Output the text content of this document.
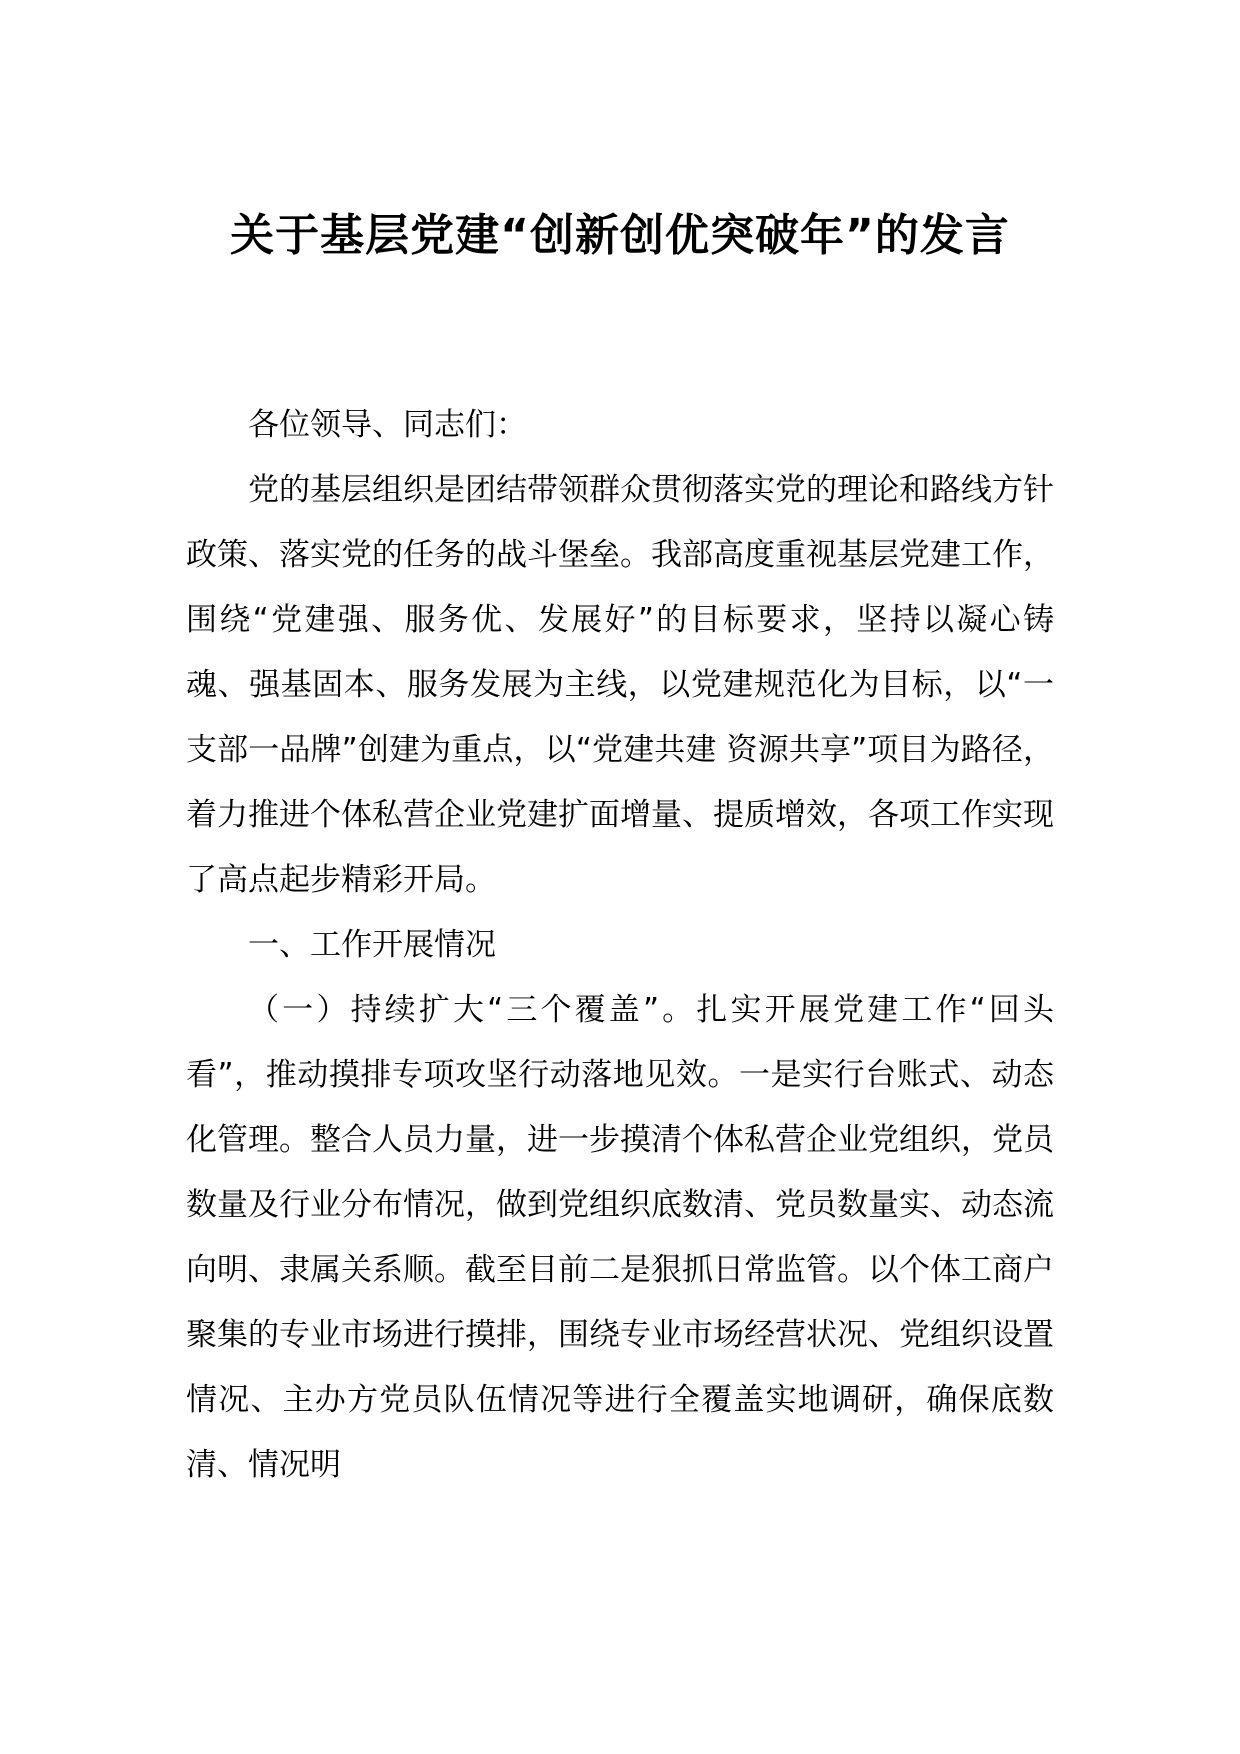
关于基层党建“创新创优突破年”的发言

各位领导、同志们：

党的基层组织是团结带领群众贯彻落实党的理论和路线方针政策、落实党的任务的战斗堡垒。我部高度重视基层党建工作，围绕“党建强、服务优、发展好”的目标要求，坚持以凝心铸魂、强基固本、服务发展为主线，以党建规范化为目标，以“一支部一品牌”创建为重点，以“党建共建 资源共享”项目为路径，着力推进个体私营企业党建扩面增量、提质增效，各项工作实现了高点起步精彩开局。

一、工作开展情况

（一）持续扩大“三个覆盖”。扎实开展党建工作“回头看”，推动摸排专项攻坚行动落地见效。一是实行台账式、动态化管理。整合人员力量，进一步摸清个体私营企业党组织，党员数量及行业分布情况，做到党组织底数清、党员数量实、动态流向明、隶属关系顺。截至目前二是狠抓日常监管。以个体工商户聚集的专业市场进行摸排，围绕专业市场经营状况、党组织设置情况、主办方党员队伍情况等进行全覆盖实地调研，确保底数清、情况明
